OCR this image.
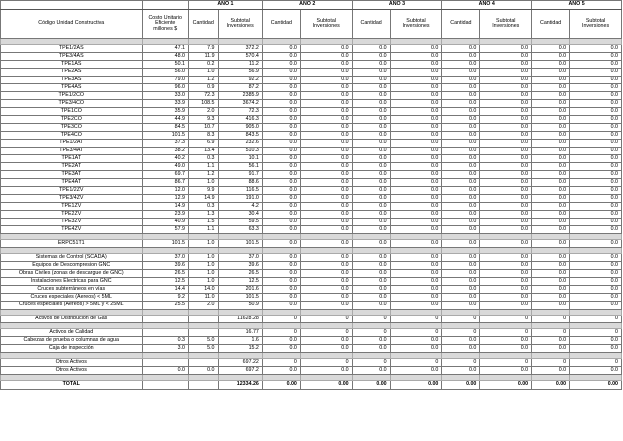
		AÑO 1		AÑO 2		AÑO 3		AÑO 4		AÑO 5	
Código Unidad Constructiva	Costo Unitario Eficiente millones $	Cantidad	Subtotal Inversiones	Cantidad	Subtotal Inversiones	Cantidad	Subtotal Inversiones	Cantidad	Subtotal Inversiones	Cantidad	Subtotal Inversiones

TPE1/2AS	47.1	7.9	372.2	0.0	0.0	0.0	0.0	0.0	0.0	0.0	0.0
TPE3/4AS	48.0	11.9	570.4	0.0	0.0	0.0	0.0	0.0	0.0	0.0	0.0
TPE1AS	50.1	0.2	11.2	0.0	0.0	0.0	0.0	0.0	0.0	0.0	0.0
TPE2AS	56.0	1.0	56.9	0.0	0.0	0.0	0.0	0.0	0.0	0.0	0.0
TPE3AS	79.0	1.2	92.2	0.0	0.0	0.0	0.0	0.0	0.0	0.0	0.0
TPE4AS	96.0	0.9	87.2	0.0	0.0	0.0	0.0	0.0	0.0	0.0	0.0
TPE1/2CO	33.0	72.3	2385.9	0.0	0.0	0.0	0.0	0.0	0.0	0.0	0.0
TPE3/4CO	33.9	108.5	3674.2	0.0	0.0	0.0	0.0	0.0	0.0	0.0	0.0
TPE1CO	35.9	2.0	72.3	0.0	0.0	0.0	0.0	0.0	0.0	0.0	0.0
TPE2CO	44.9	9.3	416.3	0.0	0.0	0.0	0.0	0.0	0.0	0.0	0.0
TPE3CO	84.5	10.7	905.0	0.0	0.0	0.0	0.0	0.0	0.0	0.0	0.0
TPE4CO	101.5	8.3	843.5	0.0	0.0	0.0	0.0	0.0	0.0	0.0	0.0
TPE1/2AT	37.3	6.9	232.6	0.0	0.0	0.0	0.0	0.0	0.0	0.0	0.0
TPE3/4AT	38.2	13.4	510.3	0.0	0.0	0.0	0.0	0.0	0.0	0.0	0.0
TPE1AT	40.2	0.3	10.1	0.0	0.0	0.0	0.0	0.0	0.0	0.0	0.0
TPE2AT	49.0	1.1	56.1	0.0	0.0	0.0	0.0	0.0	0.0	0.0	0.0
TPE3AT	69.7	1.2	91.7	0.0	0.0	0.0	0.0	0.0	0.0	0.0	0.0
TPE4AT	86.7	1.0	88.6	0.0	0.0	0.0	0.0	0.0	0.0	0.0	0.0
TPE1/2ZV	12.0	9.9	116.5	0.0	0.0	0.0	0.0	0.0	0.0	0.0	0.0
TPE3/4ZV	12.9	14.9	191.0	0.0	0.0	0.0	0.0	0.0	0.0	0.0	0.0
TPE1ZV	14.9	0.3	4.2	0.0	0.0	0.0	0.0	0.0	0.0	0.0	0.0
TPE2ZV	23.9	1.3	30.4	0.0	0.0	0.0	0.0	0.0	0.0	0.0	0.0
TPE3ZV	40.9	1.5	59.5	0.0	0.0	0.0	0.0	0.0	0.0	0.0	0.0
TPE4ZV	57.9	1.1	63.3	0.0	0.0	0.0	0.0	0.0	0.0	0.0	0.0

ERPC51T1	101.5	1.0	101.5	0.0	0.0	0.0	0.0	0.0	0.0	0.0	0.0

Sistemas de Control (SCADA)	37.0	1.0	37.0	0.0	0.0	0.0	0.0	0.0	0.0	0.0	0.0
Equipos de Descompresion GNC	39.6	1.0	39.6	0.0	0.0	0.0	0.0	0.0	0.0	0.0	0.0
Obras Civiles (zonas de descargue de GNC)	26.5	1.0	26.5	0.0	0.0	0.0	0.0	0.0	0.0	0.0	0.0
Instalaciones Electricas para GNC	12.5	1.0	12.5	0.0	0.0	0.0	0.0	0.0	0.0	0.0	0.0
Cruces subterráneos en vías	14.4	14.0	201.6	0.0	0.0	0.0	0.0	0.0	0.0	0.0	0.0
Cruces especiales (Aereos) < 5ML	9.2	11.0	101.5	0.0	0.0	0.0	0.0	0.0	0.0	0.0	0.0
Cruces especiales (Aereos) > 5ML y < 25ML	25.5	2.0	50.9	0.0	0.0	0.0	0.0	0.0	0.0	0.0	0.0

Activos de Distribución de Gas			11628.28	0	0	0	0	0	0	0	0

Activos de Calidad			16.77	0	0	0	0	0	0	0	0
Cabezas de prueba o columnas de agua	0.3	5.0	1.6	0.0	0.0	0.0	0.0	0.0	0.0	0.0	0.0
Caja de inspección	3.0	5.0	15.2	0.0	0.0	0.0	0.0	0.0	0.0	0.0	0.0

Otros Activos			697.22	0	0	0	0	0	0	0	0
Otros Activos	0.0	0.0	697.2	0.0	0.0	0.0	0.0	0.0	0.0	0.0	0.0

TOTAL			12334.26	0.00	0.00	0.00	0.00	0.00	0.00	0.00	0.00
